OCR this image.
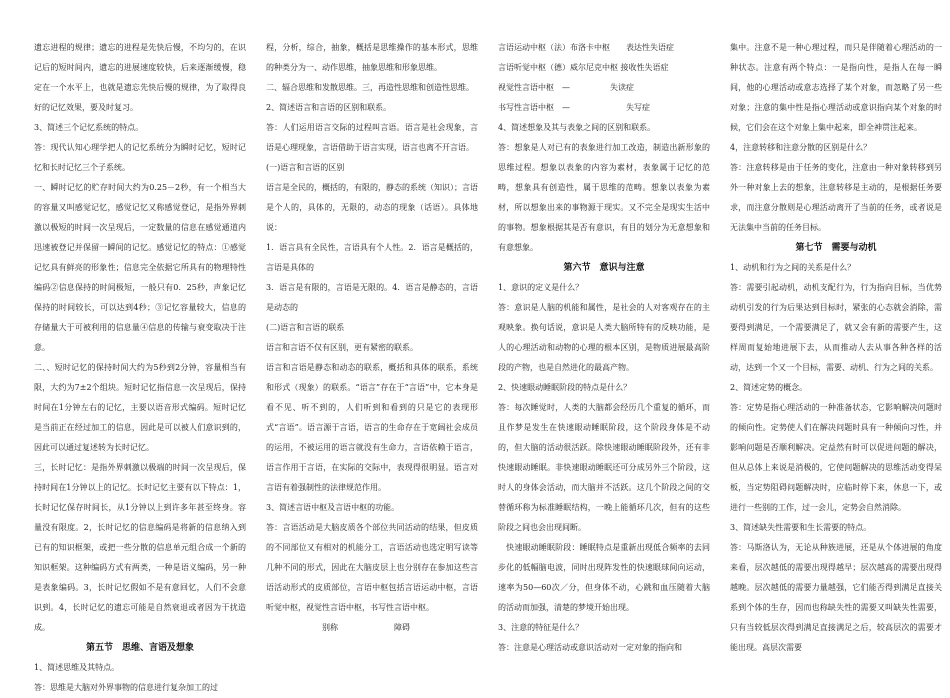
遗忘进程的规律；遗忘的进程是先快后慢，不均匀的，在识记后的短时间内，遗忘的进展速度较快，后来逐渐缓慢，稳定在一个水平上，也就是遗忘先快后慢的规律，为了取得良好的记忆效果，要及时复习。

3、简述三个记忆系统的特点。

答：现代认知心理学把人的记忆系统分为瞬时记忆，短时记忆和长时记忆三个子系统。

一、瞬时记忆的贮存时间大约为0.25－2秒，有一个相当大的容量又叫感觉记忆，感觉记忆又称感觉登记，是指外界刺激以极短的时间一次呈现后，一定数量的信息在感觉通道内迅速被登记并保留一瞬间的记忆。感觉记忆的特点：①感觉记忆具有鲜亮的形象性；信息完全依据它所具有的物理特性编码②信息保持的时间极短，一般只有0．25秒，声象记忆保持的时间较长，可以达到4秒；③记忆容量较大，信息的存储量大于可被利用的信息量④信息的传输与衰变取决于注意。

二、、短时记忆的保持时间大约为5秒到2分钟，容量相当有限，大约为7±2个组块。短时记忆指信息一次呈现后，保持时间在1分钟左右的记忆，主要以语音形式编码。短时记忆是当前正在经过加工的信息，因此是可以被人们意识到的，因此可以通过复述转为长时记忆。

三，长时记忆：是指外界刺激以极端的时间一次呈现后，保持时间在1分钟以上的记忆。长时记忆主要有以下特点：1，长时记忆保存时间长，从1分钟以上到许多年甚至终身。容量没有限度。2，长时记忆的信息编码是将新的信息纳入到已有的知识框架，或把一些分散的信息单元组合成一个新的知识框架。这种编码方式有两类，一种是语义编码，另一种是表象编码。3，长时记忆假如不是有意回忆，人们不会意识到。4，长时记忆的遗忘可能是自然衰退或者因为干扰造成。

第五节　思维、言语及想象

1、简述思维及其特点。

答：思维是大脑对外界事物的信息进行复杂加工的过

程，分析，综合，抽象，概括是思维操作的基本形式，思维的种类分为一、动作思维，抽象思维和形象思维。

二、辐合思维和发散思维。三，再造性思维和创造性思维。

2、简述语言和言语的区别和联系。

答：人们运用语言交际的过程叫言语。语言是社会现象，言语是心理现象，言语借助于语言实现，语言也离不开言语。

(一)语言和言语的区别

语言是全民的，概括的，有限的，静态的系统（知识）；言语是个人的，具体的，无限的，动态的现象（话语）。具体地说：

1．语言具有全民性，言语具有个人性。2．语言是概括的，言语是具体的

3．语言是有限的，言语是无限的。4．语言是静态的，言语是动态的

(二)语言和言语的联系

语言和言语不仅有区别，更有紧密的联系。

语言和言语是静态和动态的联系，概括和具体的联系，系统和形式（现象）的联系。“语言”存在于“言语”中，它本身是看不见、听不到的，人们听到和看到的只是它的表现形式“言语”。语言源于言语，语言的生命存在于宽阔社会成员的运用，不被运用的语言就没有生命力，言语依赖于语言，语言作用于言语，在实际的交际中，表现得很明显。语言对言语有着强制性的法律规范作用。

3、简述言语中枢及言语中枢的功能。

答：言语活动是大脑皮质各个部位共同活动的结果，但皮质的不同部位又有相对的机能分工，言语活动也选定明写读等几种不同的形式，因此在大脑皮层上也分别存在参加这些言语活动形式的皮质部位，言语中枢包括言语运动中枢，言语听觉中枢，视觉性言语中枢，书写性言语中枢。

　　　　　　　别称　　　　　　　障碍

言语运动中枢（法）布洛卡中枢　　表达性失语症

言语听觉中枢（德）威尔尼克中枢 接收性失语症

视觉性言语中枢　—　　　　　失读症

书写性言语中枢　—　　　　　　　失写症

4、简述想象及其与表象之间的区别和联系。

答：想象是人对已有的表象进行加工改造，制造出新形象的思维过程。想象以表象的内容为素材，表象属于记忆的范畴，想象具有创造性，属于思维的范畴。想象以表象为素材，所以想象出来的事物源于现实。又不完全是现实生活中的事物。想象根据其是否有意识，有目的划分为无意想象和有意想象。

第六节　意识与注意

1、意识的定义是什么？

答：意识是人脑的机能和属性，是社会的人对客观存在的主观映象。换句话说，意识是人类大脑所特有的反映功能，是人的心理活动和动物的心理的根本区别，是物质进展最高阶段的产物，也是自然进化的最高产物。

2、快速眼动睡眠阶段的特点是什么？

答：每次睡觉时，人类的大脑都会经历几个重复的循环，而且作梦是发生在快速眼动睡眠阶段，这个阶段身体是不动的，但大脑的活动很活跃。除快速眼动睡眠阶段外，还有非快速眼动睡眠。非快速眼动睡眠还可分成另外三个阶段，这时人的身体会活动，而大脑并不活跃。这几个阶段之间的交替循环称为标准睡眠结构，一晚上能循环几次，但有的这些阶段之间也会出现间断。

　快速眼动睡眠阶段：睡眠特点是重新出现低合频率的去同步化的低幅脑电波，同时出现阵发性的快速眼球间向运动，速率为50—60次／分，但身体不动，心跳和血压随着大脑的活动而加强，清楚的梦境开始出现。

3、注意的特征是什么？

答：注意是心理活动或意识活动对一定对象的指向和

集中。注意不是一种心理过程，而只是伴随着心理活动的一种状态。注意有两个特点：一是指向性，是指人在每一瞬间，他的心理活动或意志选择了某个对象，而忽略了另一些对象；注意的集中性是指心理活动或意识指向某个对象的时候，它们会在这个对象上集中起来，即全神贯注起来。

4，注意转移和注意分散的区别是什么？

答：注意转移是由于任务的变化，注意由一种对象转移到另外一种对象上去的想象，注意转移是主动的，是根据任务要求，而注意分散则是心理活动离开了当前的任务，或者说是无法集中当前的任务目标。

第七节　需要与动机

1、动机和行为之间的关系是什么？

答：需要引起动机，动机支配行为，行为指向目标，当优势动机引发的行为后果达到目标时，紧张的心态就会消除，需要得到满足，一个需要满足了，就又会有新的需要产生，这样周而复始地进展下去，从而推动人去从事各种各样的活动，达到一个又一个目标，需要、动机、行为之间的关系。

2、简述定势的概念。

答：定势是指心理活动的一种准备状态，它影响解决问题时的倾向性。定势使人们在解决问题时具有一种倾向习性，并影响问题是否顺利解决。定益然有时可以促进问题的解决，但从总体上来说是消极的，它使问题解决的思维活动变得呆板，当定势阻碍问题解决时，应临时停下来，休息一下，或进行一些别的工作，过一会儿，定势会自然消除。

3、简述缺失性需要和生长需要的特点。

答：马斯洛认为，无论从种族进展，还是从个体进展的角度来看，层次越低的需要出现得越早；层次越高的需要出现得越晚。层次越低的需要力量越强，它们能否得到满足直接关系到个体的生存，因而也称缺失性的需要又叫缺失性需要，只有当较低层次得到满足直接满足之后，较高层次的需要才能出现。高层次需要
